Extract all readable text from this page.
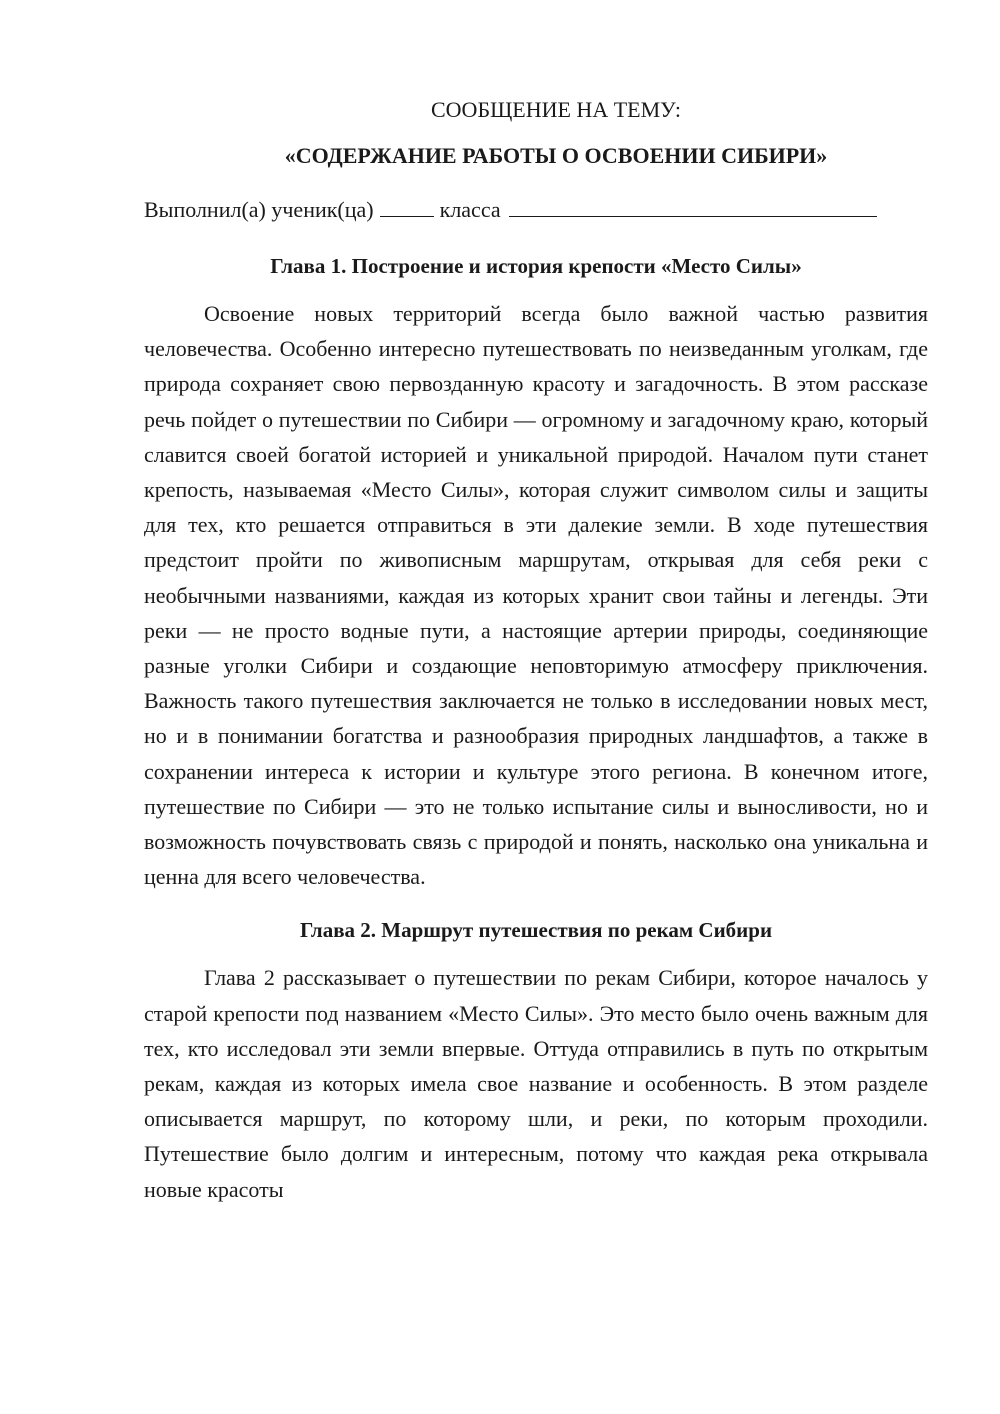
СООБЩЕНИЕ НА ТЕМУ:
«СОДЕРЖАНИЕ РАБОТЫ О ОСВОЕНИИ СИБИРИ»
Выполнил(а) ученик(ца)	класса
Глава 1. Построение и история крепости «Место Силы»

Освоение новых территорий всегда было важной частью развития человечества. Особенно интересно путешествовать по неизведанным уголкам, где природа сохраняет свою первозданную красоту и загадочность. В этом рассказе речь пойдет о путешествии по Сибири — огромному и загадочному краю, который славится своей богатой историей и уникальной природой. Началом пути станет крепость, называемая «Место Силы», которая служит символом силы и защиты для тех, кто решается отправиться в эти далекие земли. В ходе путешествия предстоит пройти по живописным маршрутам, открывая для себя реки с необычными названиями, каждая из которых хранит свои тайны и легенды. Эти реки — не просто водные пути, а настоящие артерии природы, соединяющие разные уголки Сибири и создающие неповторимую атмосферу приключения. Важность такого путешествия заключается не только в исследовании новых мест, но и в понимании богатства и разнообразия природных ландшафтов, а также в сохранении интереса к истории и культуре этого региона. В конечном итоге, путешествие по Сибири — это не только испытание силы и выносливости, но и возможность почувствовать связь с природой и понять, насколько она уникальна и ценна для всего человечества.

Глава 2. Маршрут путешествия по рекам Сибири

Глава 2 рассказывает о путешествии по рекам Сибири, которое началось у старой крепости под названием «Место Силы». Это место было очень важным для тех, кто исследовал эти земли впервые. Оттуда отправились в путь по открытым рекам, каждая из которых имела свое название и особенность. В этом разделе описывается маршрут, по которому шли, и реки, по которым проходили. Путешествие было долгим и интересным, потому что каждая река открывала новые красоты
